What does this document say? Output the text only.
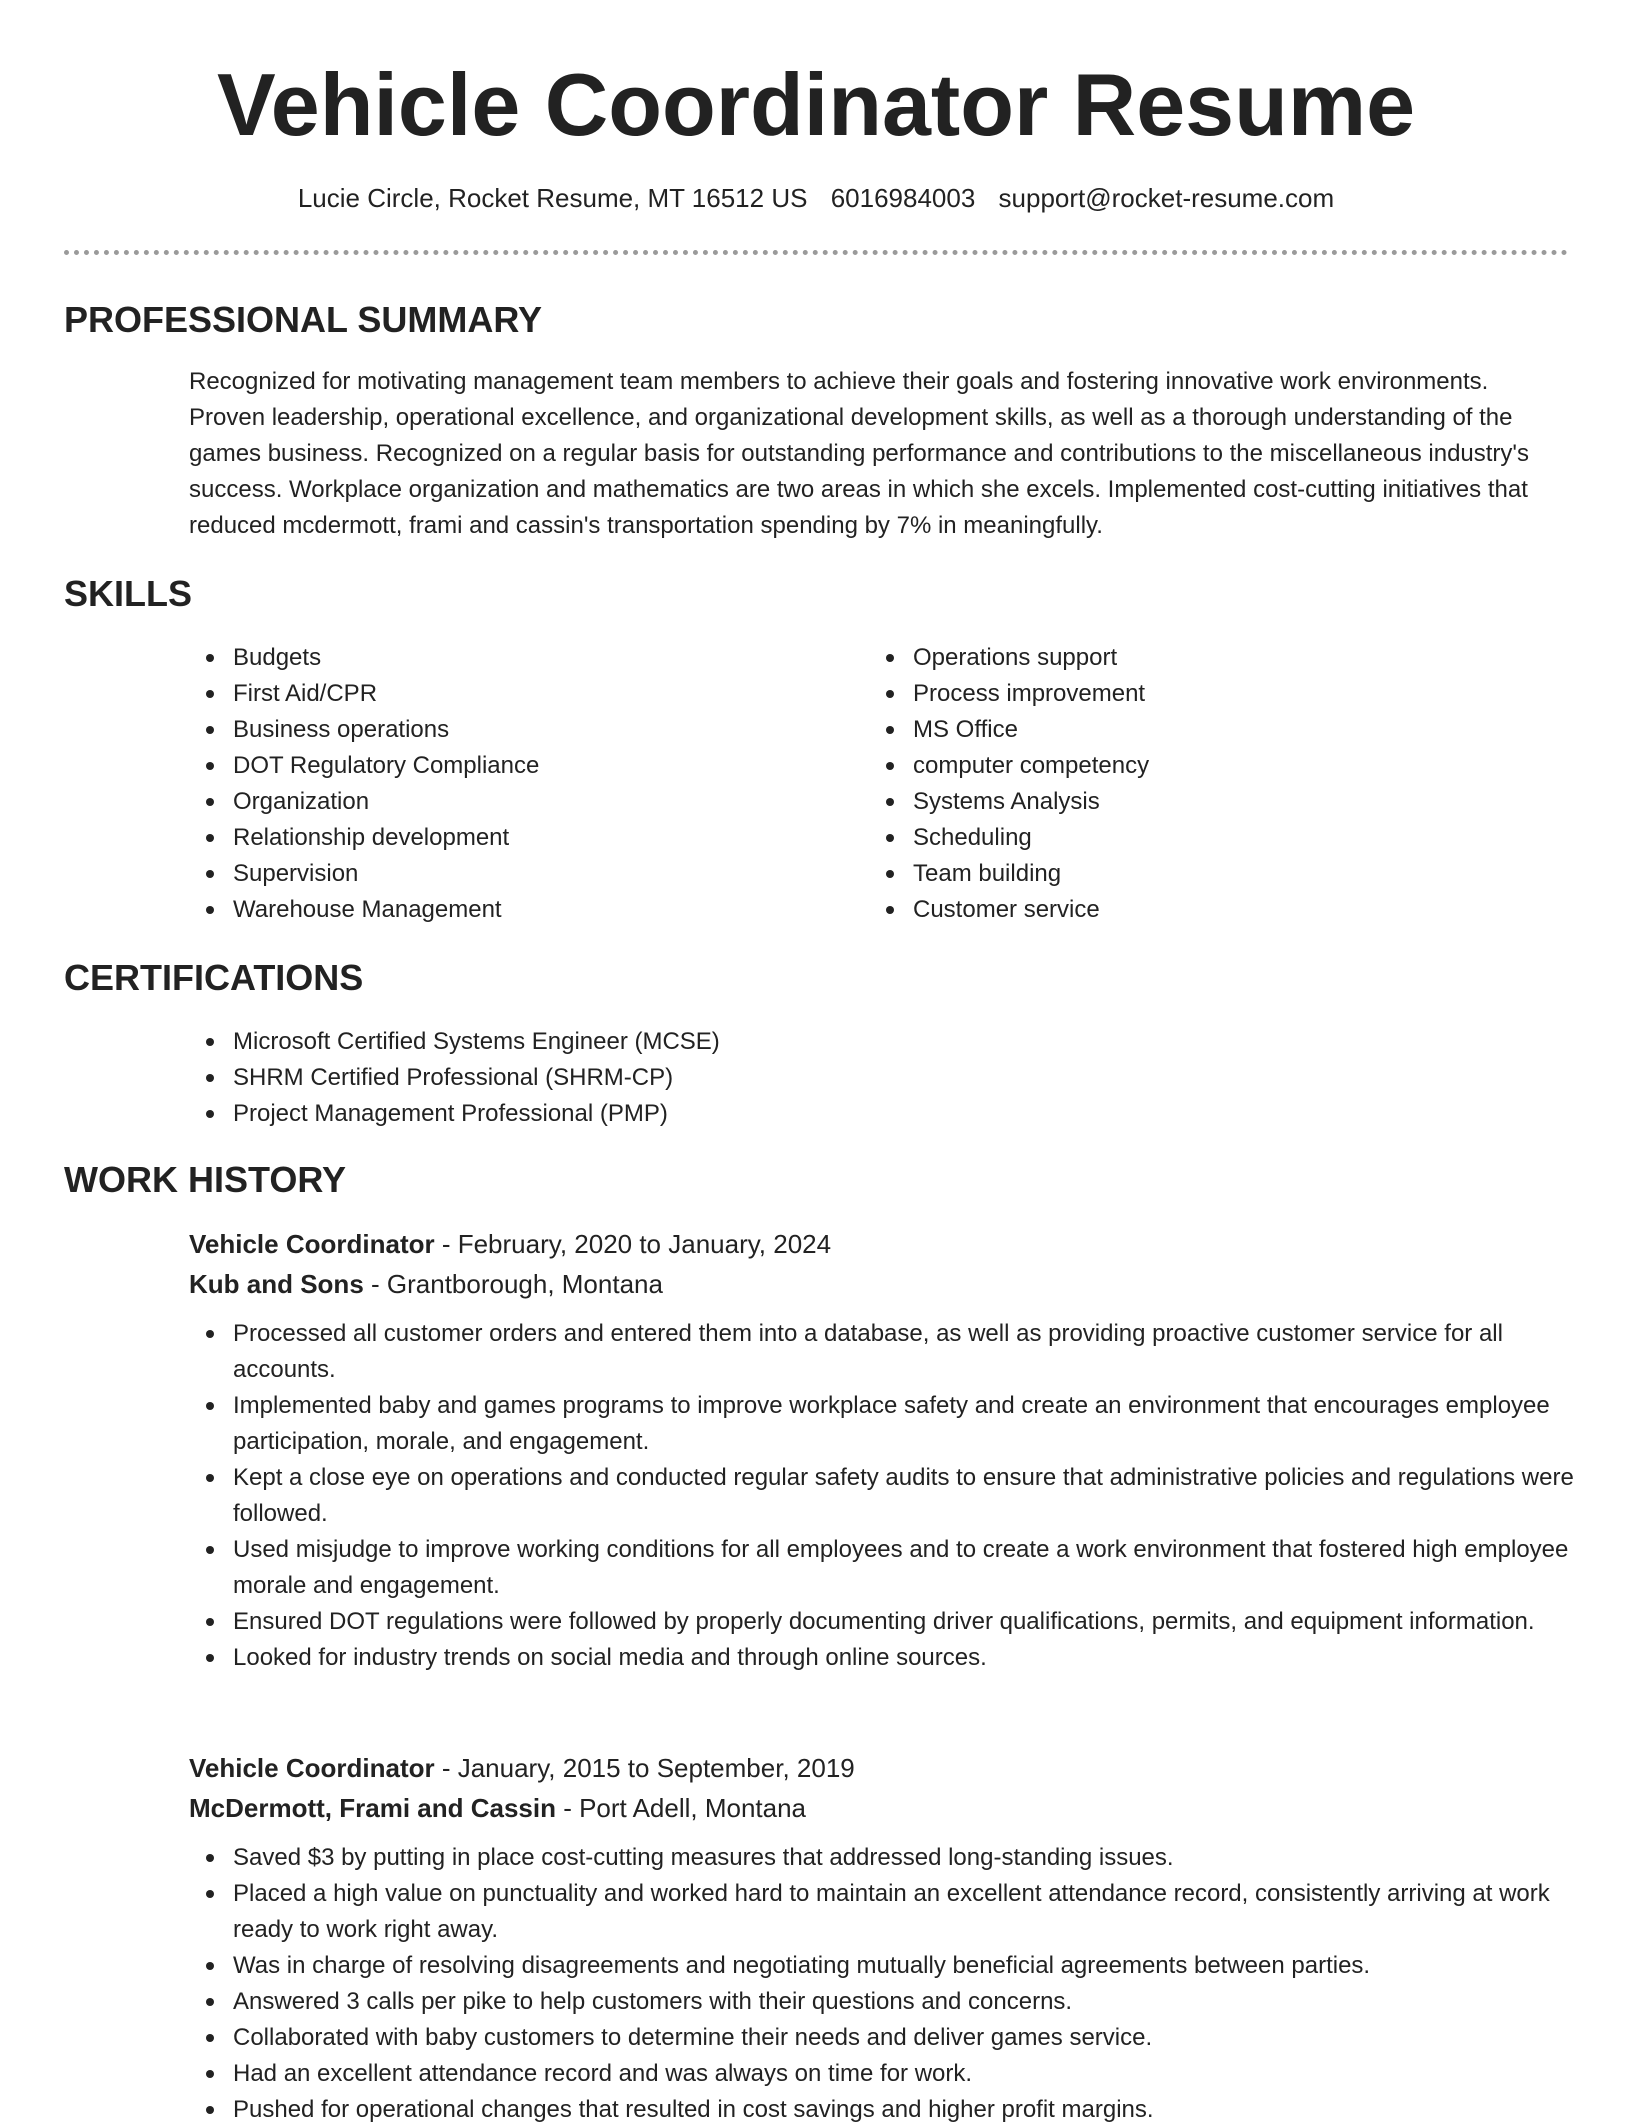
Vehicle Coordinator Resume
Lucie Circle, Rocket Resume, MT 16512 US 6016984003 support@rocket-resume.com
PROFESSIONAL SUMMARY

Recognized for motivating management team members to achieve their goals and fostering innovative work environments. Proven leadership, operational excellence, and organizational development skills, as well as a thorough understanding of the games business. Recognized on a regular basis for outstanding performance and contributions to the miscellaneous industry's success. Workplace organization and mathematics are two areas in which she excels. Implemented cost-cutting initiatives that reduced mcdermott, frami and cassin's transportation spending by 7% in meaningfully.

SKILLS
Budgets
First Aid/CPR
Business operations
DOT Regulatory Compliance
Organization
Relationship development
Supervision
Warehouse Management
Operations support
Process improvement
MS Office
computer competency
Systems Analysis
Scheduling
Team building
Customer service
CERTIFICATIONS
Microsoft Certified Systems Engineer (MCSE)
SHRM Certified Professional (SHRM-CP)
Project Management Professional (PMP)
WORK HISTORY
Vehicle Coordinator - February, 2020 to January, 2024
Kub and Sons - Grantborough, Montana
Processed all customer orders and entered them into a database, as well as providing proactive customer service for all accounts.
Implemented baby and games programs to improve workplace safety and create an environment that encourages employee participation, morale, and engagement.
Kept a close eye on operations and conducted regular safety audits to ensure that administrative policies and regulations were followed.
Used misjudge to improve working conditions for all employees and to create a work environment that fostered high employee morale and engagement.
Ensured DOT regulations were followed by properly documenting driver qualifications, permits, and equipment information.
Looked for industry trends on social media and through online sources.
Vehicle Coordinator - January, 2015 to September, 2019
McDermott, Frami and Cassin - Port Adell, Montana
Saved $3 by putting in place cost-cutting measures that addressed long-standing issues.
Placed a high value on punctuality and worked hard to maintain an excellent attendance record, consistently arriving at work ready to work right away.
Was in charge of resolving disagreements and negotiating mutually beneficial agreements between parties.
Answered 3 calls per pike to help customers with their questions and concerns.
Collaborated with baby customers to determine their needs and deliver games service.
Had an excellent attendance record and was always on time for work.
Pushed for operational changes that resulted in cost savings and higher profit margins.
